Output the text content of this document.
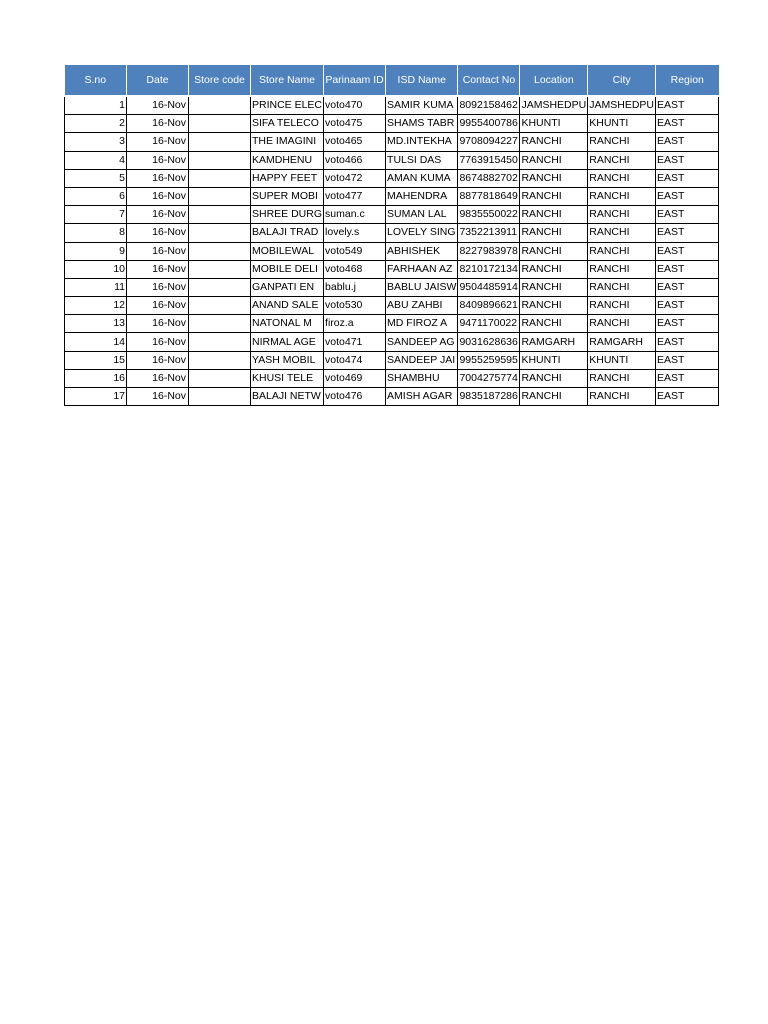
S.no	Date	Store code	Store Name	Parinaam ID	ISD Name	Contact No	Location	City	Region
1	16-Nov		PRINCE ELEC	voto470	SAMIR KUMA	8092158462	JAMSHEDPU	JAMSHEDPU	EAST
2	16-Nov		SIFA TELECO	voto475	SHAMS TABR	9955400786	KHUNTI	KHUNTI	EAST
3	16-Nov		THE IMAGINI	voto465	MD.INTEKHA	9708094227	RANCHI	RANCHI	EAST
4	16-Nov		KAMDHENU	voto466	TULSI DAS	7763915450	RANCHI	RANCHI	EAST
5	16-Nov		HAPPY FEET	voto472	AMAN KUMA	8674882702	RANCHI	RANCHI	EAST
6	16-Nov		SUPER MOBI	voto477	MAHENDRA	8877818649	RANCHI	RANCHI	EAST
7	16-Nov		SHREE DURG	suman.c	SUMAN LAL	9835550022	RANCHI	RANCHI	EAST
8	16-Nov		BALAJI TRAD	lovely.s	LOVELY SING	7352213911	RANCHI	RANCHI	EAST
9	16-Nov		MOBILEWAL	voto549	ABHISHEK	8227983978	RANCHI	RANCHI	EAST
10	16-Nov		MOBILE DELI	voto468	FARHAAN AZ	8210172134	RANCHI	RANCHI	EAST
11	16-Nov		GANPATI EN	bablu.j	BABLU JAISW	9504485914	RANCHI	RANCHI	EAST
12	16-Nov		ANAND SALE	voto530	ABU ZAHBI	8409896621	RANCHI	RANCHI	EAST
13	16-Nov		NATONAL M	firoz.a	MD FIROZ A	9471170022	RANCHI	RANCHI	EAST
14	16-Nov		NIRMAL AGE	voto471	SANDEEP AG	9031628636	RAMGARH	RAMGARH	EAST
15	16-Nov		YASH MOBIL	voto474	SANDEEP JAI	9955259595	KHUNTI	KHUNTI	EAST
16	16-Nov		KHUSI TELE	voto469	SHAMBHU	7004275774	RANCHI	RANCHI	EAST
17	16-Nov		BALAJI NETW	voto476	AMISH AGAR	9835187286	RANCHI	RANCHI	EAST
